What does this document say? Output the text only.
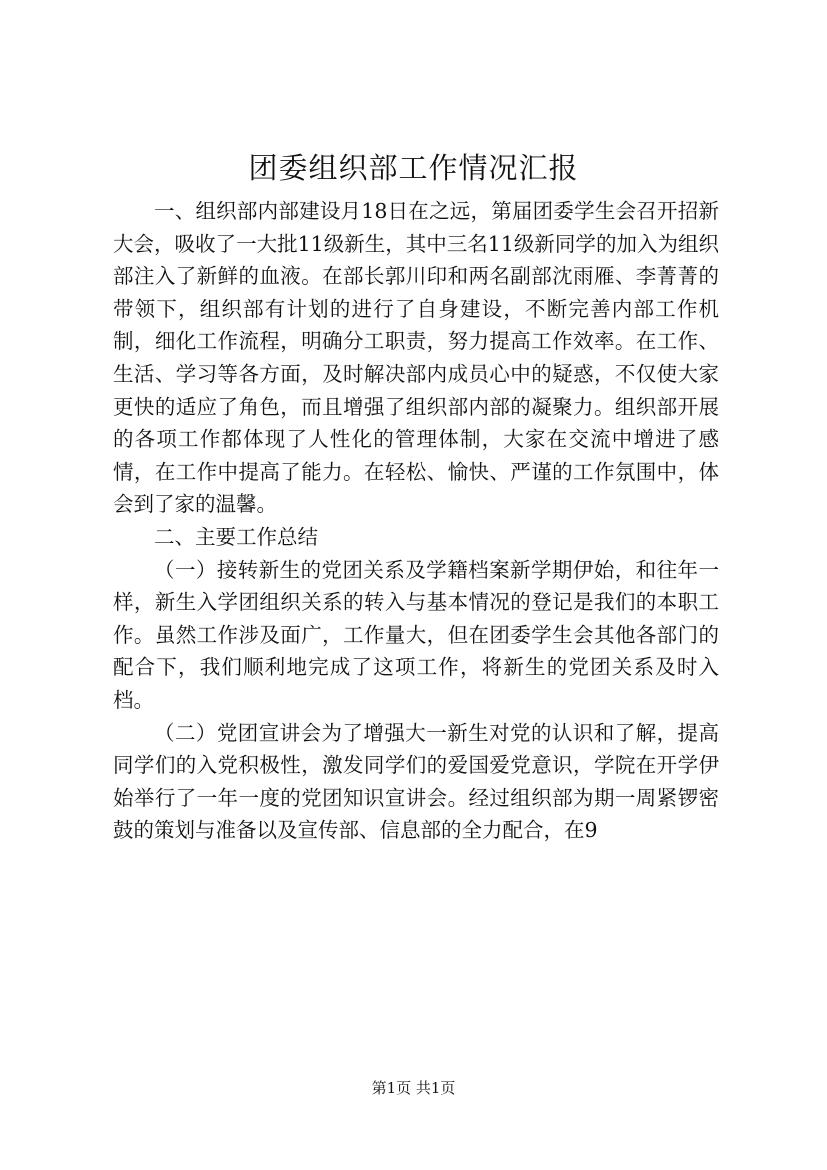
团委组织部工作情况汇报

一、组织部内部建设月18日在之远，第届团委学生会召开招新大会，吸收了一大批11级新生，其中三名11级新同学的加入为组织部注入了新鲜的血液。在部长郭川印和两名副部沈雨雁、李菁菁的带领下，组织部有计划的进行了自身建设，不断完善内部工作机制，细化工作流程，明确分工职责，努力提高工作效率。在工作、生活、学习等各方面，及时解决部内成员心中的疑惑，不仅使大家更快的适应了角色，而且增强了组织部内部的凝聚力。组织部开展的各项工作都体现了人性化的管理体制，大家在交流中增进了感情，在工作中提高了能力。在轻松、愉快、严谨的工作氛围中，体会到了家的温馨。

二、主要工作总结

（一）接转新生的党团关系及学籍档案新学期伊始，和往年一样，新生入学团组织关系的转入与基本情况的登记是我们的本职工作。虽然工作涉及面广，工作量大，但在团委学生会其他各部门的配合下，我们顺利地完成了这项工作，将新生的党团关系及时入档。

（二）党团宣讲会为了增强大一新生对党的认识和了解，提高同学们的入党积极性，激发同学们的爱国爱党意识，学院在开学伊始举行了一年一度的党团知识宣讲会。经过组织部为期一周紧锣密鼓的策划与准备以及宣传部、信息部的全力配合，在9

第1页 共1页
